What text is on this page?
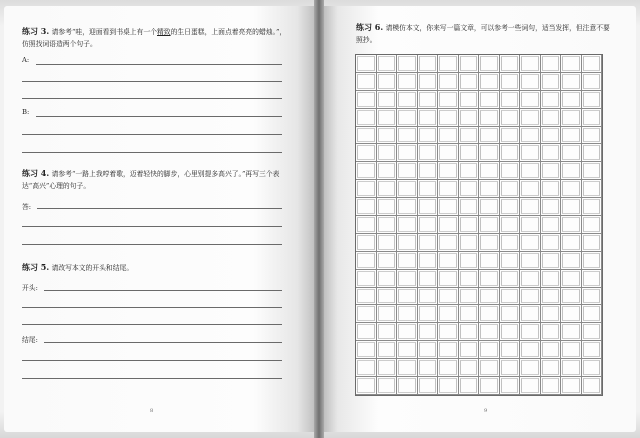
练习 3. 请参考“哇，迎面看到书桌上有一个精致的生日蛋糕，上面点着亮亮的蜡烛。”，仿照找词语造两个句子。
A:
B:
练习 4. 请参考“一路上我哼着歌，迈着轻快的脚步，心里别提多高兴了。”再写三个表达“高兴”心理的句子。
答:
练习 5. 请改写本文的开头和结尾。
开头:
结尾:
8
练习 6. 请模仿本文，你来写一篇文章，可以参考一些词句，适当发挥，但注意不要照抄。
9
